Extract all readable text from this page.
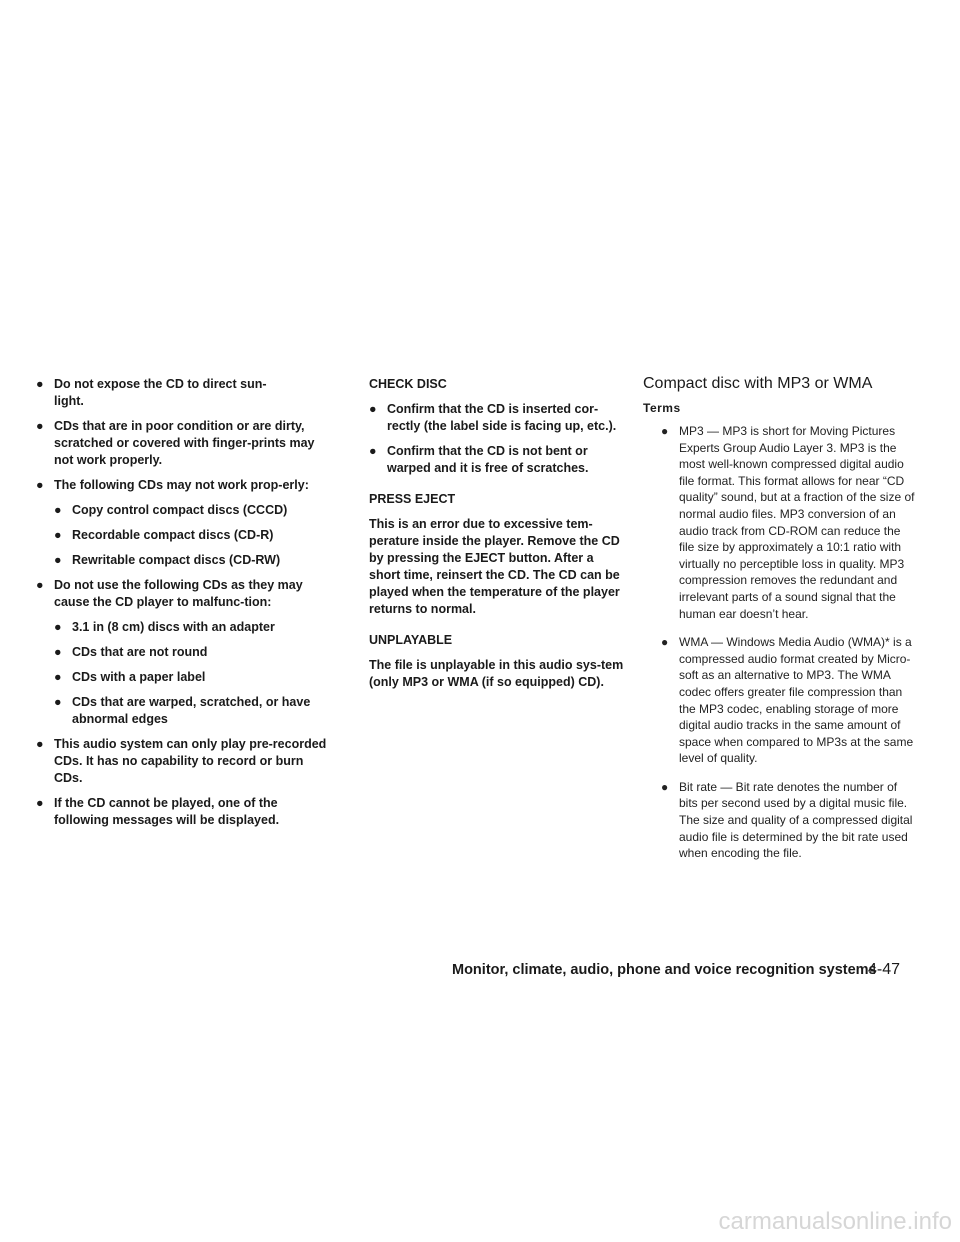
● Do not expose the CD to direct sun-
light.
● CDs that are in poor condition or are dirty, scratched or covered with finger-prints may not work properly.
● The following CDs may not work prop-erly:
● Copy control compact discs (CCCD)
● Recordable compact discs (CD-R)
● Rewritable compact discs (CD-RW)
● Do not use the following CDs as they may cause the CD player to malfunc-tion:
● 3.1 in (8 cm) discs with an adapter
● CDs that are not round
● CDs with a paper label
● CDs that are warped, scratched, or have abnormal edges
● This audio system can only play pre-recorded CDs. It has no capability to record or burn CDs.
● If the CD cannot be played, one of the following messages will be displayed.
CHECK DISC
● Confirm that the CD is inserted cor-rectly (the label side is facing up, etc.).
● Confirm that the CD is not bent or warped and it is free of scratches.
PRESS EJECT
This is an error due to excessive tem-perature inside the player. Remove the CD by pressing the EJECT button. After a short time, reinsert the CD. The CD can be played when the temperature of the player returns to normal.
UNPLAYABLE
The file is unplayable in this audio sys-tem (only MP3 or WMA (if so equipped) CD).
Compact disc with MP3 or WMA
Terms
● MP3 — MP3 is short for Moving Pictures Experts Group Audio Layer 3. MP3 is the most well-known compressed digital audio file format. This format allows for near “CD quality” sound, but at a fraction of the size of normal audio files. MP3 conversion of an audio track from CD-ROM can reduce the file size by approximately a 10:1 ratio with virtually no perceptible loss in quality. MP3 compression removes the redundant and irrelevant parts of a sound signal that the human ear doesn’t hear.
● WMA — Windows Media Audio (WMA)* is a compressed audio format created by Micro-soft as an alternative to MP3. The WMA codec offers greater file compression than the MP3 codec, enabling storage of more digital audio tracks in the same amount of space when compared to MP3s at the same level of quality.
● Bit rate — Bit rate denotes the number of bits per second used by a digital music file. The size and quality of a compressed digital audio file is determined by the bit rate used when encoding the file.
Monitor, climate, audio, phone and voice recognition systems
4-47
carmanualsonline.info
